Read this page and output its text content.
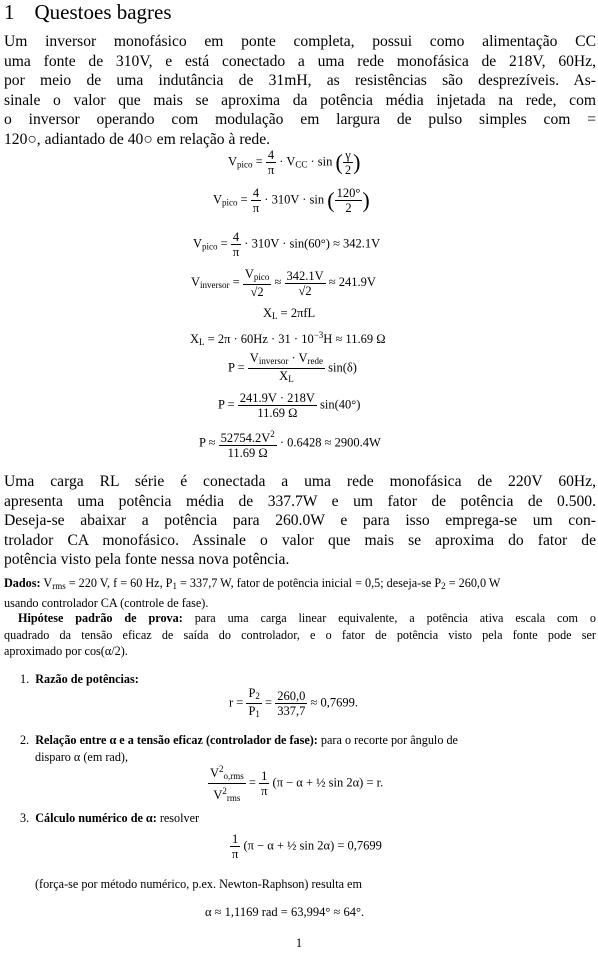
1 Questoes bagres
Um inversor monofásico em ponte completa, possui como alimentação CC
uma fonte de 310V, e está conectado a uma rede monofásica de 218V, 60Hz,
por meio de uma indutância de 31mH, as resistências são desprezíveis. As-
sinale o valor que mais se aproxima da potência média injetada na rede, com
o inversor operando com modulação em largura de pulso simples com =
120○, adiantado de 40○ em relação à rede.
$V_{pico} = \frac{4}{\pi} \cdot V_{CC} \cdot \sin$ ( $\frac{\gamma}{2}$ )
$V_{pico} = \frac{4}{\pi} \cdot 310V \cdot \sin$ ( $\frac{120^\circ}{2}$ )
$V_{pico} = \frac{4}{\pi} \cdot 310V \cdot \sin(60^\circ) \approx 342.1V$
$V_{inversor} = \frac{V_{pico}}{√2} \approx \frac{342.1V}{√2} \approx 241.9V$
$X_L = 2\pi fL$
$X_L = 2\pi \cdot 60Hz \cdot 31 \cdot 10^{-3}H \approx 11.69$ Ω
$P = \frac{V_{inversor} \cdot V_{rede}}{X_L} \sin(\delta)$
$P = \frac{241.9V \cdot 218V}{11.69 \Omega} \sin(40^\circ)$
$P \approx \frac{52754.2V^2}{11.69 \Omega} \cdot 0.6428 \approx 2900.4W$
Uma carga RL série é conectada a uma rede monofásica de 220V 60Hz,
apresenta uma potência média de 337.7W e um fator de potência de 0.500.
Deseja-se abaixar a potência para 260.0W e para isso emprega-se um con-
trolador CA monofásico. Assinale o valor que mais se aproxima do fator de
potência visto pela fonte nessa nova potência.
Dados: $V_{rms} = 220$ V, f = 60 Hz, $P_1 = 337,7$ W, fator de potência inicial = 0,5; deseja-se $P_2 = 260,0$ W
usando controlador CA (controle de fase).
Hipótese padrão de prova: para uma carga linear equivalente, a potência ativa escala com o
quadrado da tensão eficaz de saída do controlador, e o fator de potência visto pela fonte pode ser
aproximado por cos(α/2).
1. Razão de potências:
$r = \frac{P_2}{P_1} = \frac{260,0}{337,7} \approx 0,7699$.
2. Relação entre α e a tensão eficaz (controlador de fase): para o recorte por ângulo de
disparo α (em rad),
$\frac{V^2_{o,rms}}{V^2_{rms}} = \frac{1}{\pi} (\pi - \alpha$ + ½ sin 2α) = r.
3. Cálculo numérico de α: resolver
$\frac{1}{\pi} (\pi - \alpha$ + ½ sin 2α) = 0,7699
(força-se por método numérico, p.ex. Newton-Raphson) resulta em
α ≈ 1,1169 rad = 63,994° ≈ 64°.
1
